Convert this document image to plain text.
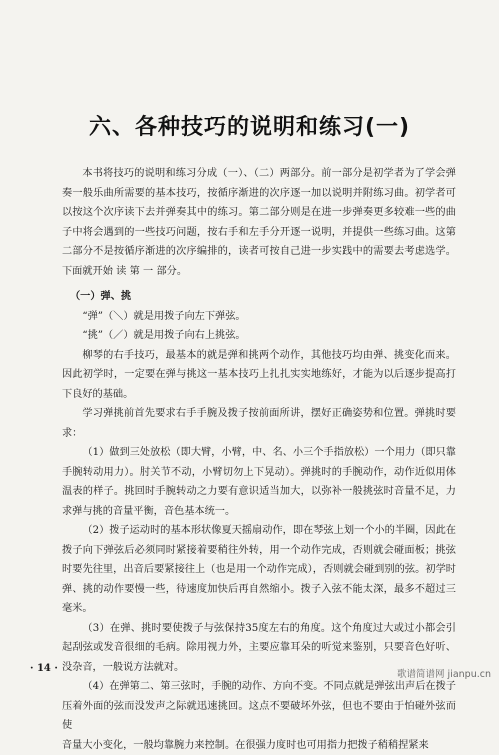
六、各种技巧的说明和练习(一)

本书将技巧的说明和练习分成（一）、（二）两部分。前一部分是初学者为了学会弹奏一般乐曲所需要的基本技巧，按循序渐进的次序逐一加以说明并附练习曲。初学者可以按这个次序读下去并弹奏其中的练习。第二部分则是在进一步弹奏更多较难一些的曲子中将会遇到的一些技巧问题，按右手和左手分开逐一说明，并提供一些练习曲。这第二部分不是按循序渐进的次序编排的，读者可按自己进一步实践中的需要去考虑选学。下面就开始 读 第 一 部分。

（一）弹、挑

“弹”（＼）就是用拨子向左下弹弦。

“挑”（／）就是用拨子向右上挑弦。

柳琴的右手技巧，最基本的就是弹和挑两个动作，其他技巧均由弹、挑变化而来。因此初学时，一定要在弹与挑这一基本技巧上扎扎实实地练好，才能为以后逐步提高打下良好的基础。

学习弹挑前首先要求右手手腕及拨子按前面所讲，摆好正确姿势和位置。弹挑时要求：

（1）做到三处放松（即大臂，小臂，中、名、小三个手指放松）一个用力（即只靠手腕转动用力）。肘关节不动，小臂切勿上下晃动）。弹挑时的手腕动作，动作近似用体温表的样子。挑回时手腕转动之力要有意识适当加大，以弥补一般挑弦时音量不足，力求弹与挑的音量平衡，音色基本统一。

（2）拨子运动时的基本形状像夏天摇扇动作，即在琴弦上划一个小的半圈，因此在拨子向下弹弦后必须同时紧接着要稍往外转，用一个动作完成，否则就会碰面板；挑弦时要先往里，出音后要紧接往上（也是用一个动作完成），否则就会碰到别的弦。初学时弹、挑的动作要慢一些，待速度加快后再自然缩小。拨子入弦不能太深，最多不超过三毫米。

（3）在弹、挑时要使拨子与弦保持35度左右的角度。这个角度过大或过小都会引起刮弦或发音很细的毛病。除用视力外，主要应靠耳朵的听觉来鉴别，只要音色好听、没杂音，一般说方法就对。

（4）在弹第二、第三弦时，手腕的动作、方向不变。不同点就是弹弦出声后在拨子压着外面的弦而没发声之际就迅速挑回。这点不要破坏外弦，但也不要由于怕碰外弦而使

音量大小变化，一般均靠腕力来控制。在很强力度时也可用指力把拨子稍稍捏紧来

· 14 ·
歌谱简谱网 jianpu.cn
